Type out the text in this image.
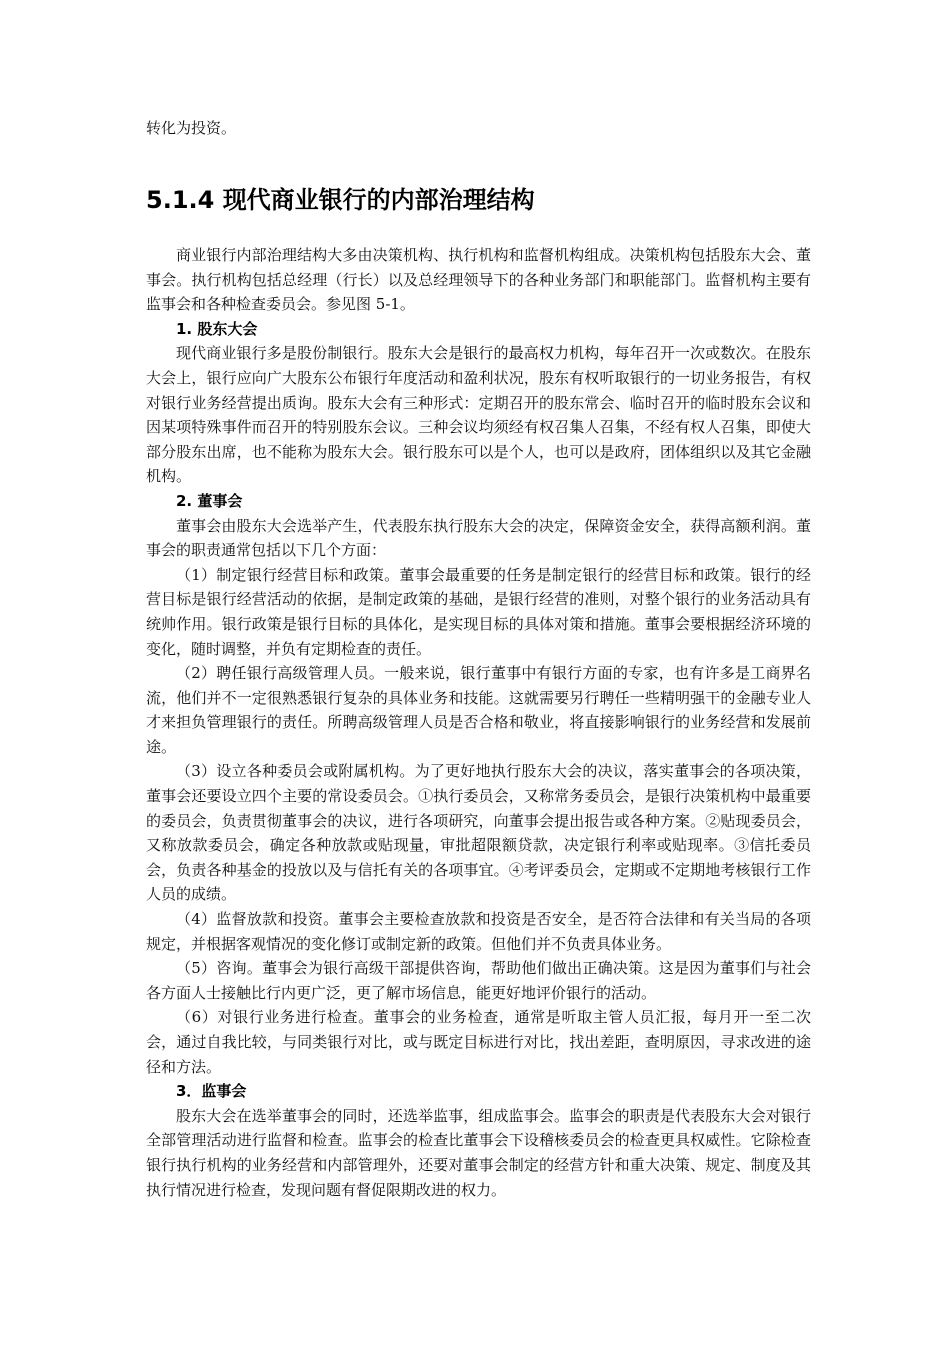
转化为投资。

5.1.4 现代商业银行的内部治理结构

商业银行内部治理结构大多由决策机构、执行机构和监督机构组成。决策机构包括股东大会、董事会。执行机构包括总经理（行长）以及总经理领导下的各种业务部门和职能部门。监督机构主要有监事会和各种检查委员会。参见图 5-1。

1. 股东大会

现代商业银行多是股份制银行。股东大会是银行的最高权力机构，每年召开一次或数次。在股东大会上，银行应向广大股东公布银行年度活动和盈利状况，股东有权听取银行的一切业务报告，有权对银行业务经营提出质询。股东大会有三种形式：定期召开的股东常会、临时召开的临时股东会议和因某项特殊事件而召开的特别股东会议。三种会议均须经有权召集人召集，不经有权人召集，即使大部分股东出席，也不能称为股东大会。银行股东可以是个人，也可以是政府，团体组织以及其它金融机构。

2. 董事会

董事会由股东大会选举产生，代表股东执行股东大会的决定，保障资金安全，获得高额利润。董事会的职责通常包括以下几个方面：

（1）制定银行经营目标和政策。董事会最重要的任务是制定银行的经营目标和政策。银行的经营目标是银行经营活动的依据，是制定政策的基础，是银行经营的准则，对整个银行的业务活动具有统帅作用。银行政策是银行目标的具体化，是实现目标的具体对策和措施。董事会要根据经济环境的变化，随时调整，并负有定期检查的责任。

（2）聘任银行高级管理人员。一般来说，银行董事中有银行方面的专家，也有许多是工商界名流，他们并不一定很熟悉银行复杂的具体业务和技能。这就需要另行聘任一些精明强干的金融专业人才来担负管理银行的责任。所聘高级管理人员是否合格和敬业，将直接影响银行的业务经营和发展前途。

（3）设立各种委员会或附属机构。为了更好地执行股东大会的决议，落实董事会的各项决策，董事会还要设立四个主要的常设委员会。①执行委员会，又称常务委员会，是银行决策机构中最重要的委员会，负责贯彻董事会的决议，进行各项研究，向董事会提出报告或各种方案。②贴现委员会，又称放款委员会，确定各种放款或贴现量，审批超限额贷款，决定银行利率或贴现率。③信托委员会，负责各种基金的投放以及与信托有关的各项事宜。④考评委员会，定期或不定期地考核银行工作人员的成绩。

（4）监督放款和投资。董事会主要检查放款和投资是否安全，是否符合法律和有关当局的各项规定，并根据客观情况的变化修订或制定新的政策。但他们并不负责具体业务。

（5）咨询。董事会为银行高级干部提供咨询，帮助他们做出正确决策。这是因为董事们与社会各方面人士接触比行内更广泛，更了解市场信息，能更好地评价银行的活动。

（6）对银行业务进行检查。董事会的业务检查，通常是听取主管人员汇报，每月开一至二次会，通过自我比较，与同类银行对比，或与既定目标进行对比，找出差距，查明原因，寻求改进的途径和方法。

3．监事会

股东大会在选举董事会的同时，还选举监事，组成监事会。监事会的职责是代表股东大会对银行全部管理活动进行监督和检查。监事会的检查比董事会下设稽核委员会的检查更具权威性。它除检查银行执行机构的业务经营和内部管理外，还要对董事会制定的经营方针和重大决策、规定、制度及其执行情况进行检查，发现问题有督促限期改进的权力。
